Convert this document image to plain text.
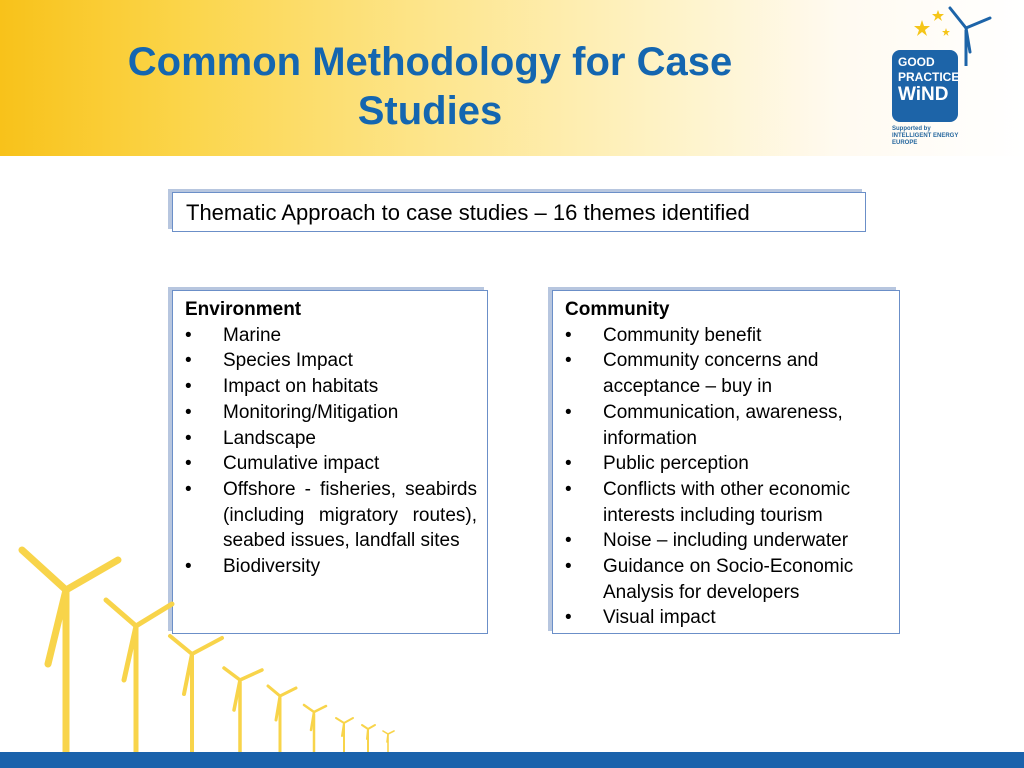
Common Methodology for Case Studies
GOOD
PRACTICE
WiND
Supported by
INTELLIGENT ENERGY
EUROPE
Thematic Approach to case studies – 16 themes identified
Environment
•	Marine
•	Species Impact
•	Impact on habitats
•	Monitoring/Mitigation
•	Landscape
•	Cumulative impact
•	Offshore - fisheries, seabirds (including migratory routes), seabed issues, landfall sites
•	Biodiversity
Community
•	Community benefit
•	Community concerns and acceptance – buy in
•	Communication, awareness, information
•	Public perception
•	Conflicts with other economic interests including tourism
•	Noise – including underwater
•	Guidance on Socio-Economic Analysis for developers
•	Visual impact
